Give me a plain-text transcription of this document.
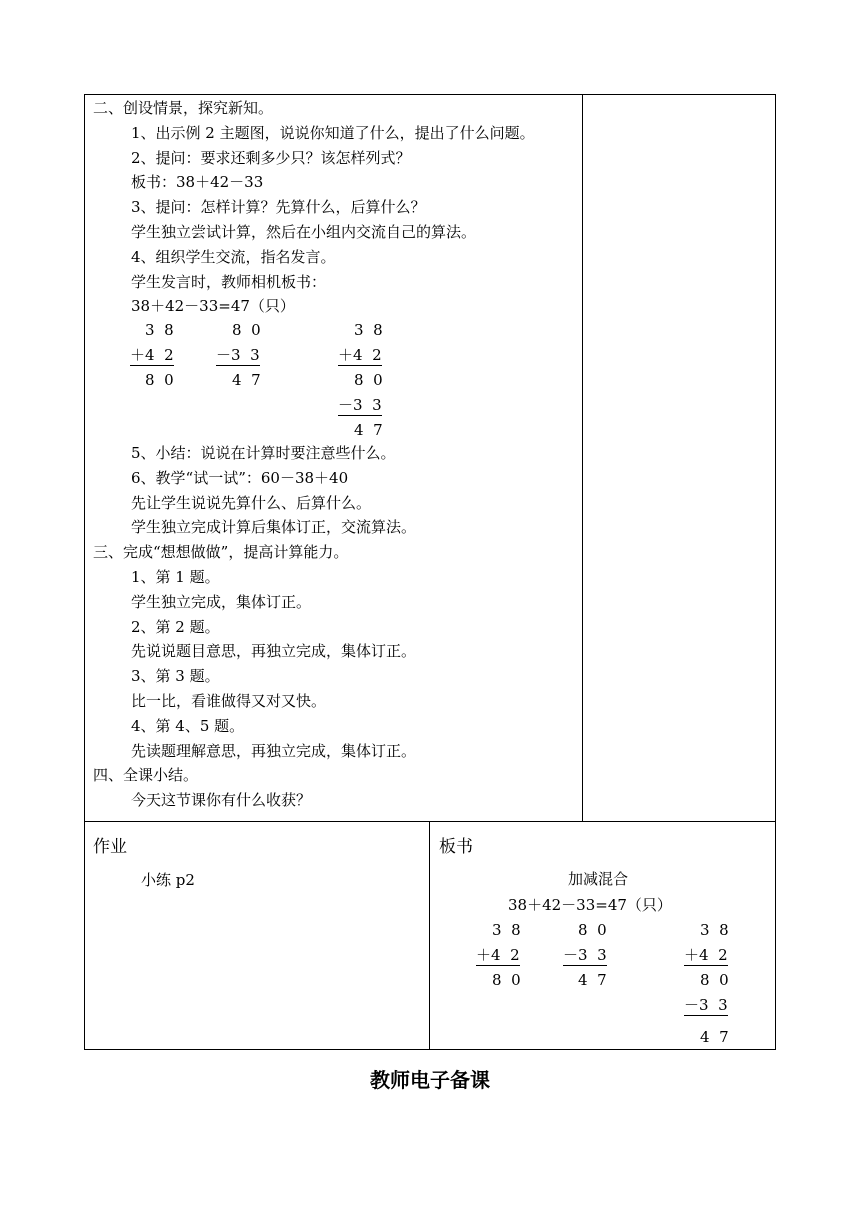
二、创设情景，探究新知。
1、出示例 2 主题图，说说你知道了什么，提出了什么问题。
2、提问：要求还剩多少只？该怎样列式？
板书：38＋42－33
3、提问：怎样计算？先算什么，后算什么？
学生独立尝试计算，然后在小组内交流自己的算法。
4、组织学生交流，指名发言。
学生发言时，教师相机板书：
38＋42－33=47（只）
3  8
＋4  2
8  0
8  0
－3  3
4  7
3  8
＋4  2
8  0
－3  3
4  7
5、小结：说说在计算时要注意些什么。
6、教学“试一试”：60－38＋40
先让学生说说先算什么、后算什么。
学生独立完成计算后集体订正，交流算法。
三、完成“想想做做”，提高计算能力。
1、第 1 题。
学生独立完成，集体订正。
2、第 2 题。
先说说题目意思，再独立完成，集体订正。
3、第 3 题。
比一比，看谁做得又对又快。
4、第 4、5 题。
先读题理解意思，再独立完成，集体订正。
四、全课小结。
今天这节课你有什么收获？
作业
小练 p2
板书
加减混合
38＋42－33=47（只）
3  8
＋4  2
8  0
8  0
－3  3
4  7
3  8
＋4  2
8  0
－3  3
4  7
教师电子备课
